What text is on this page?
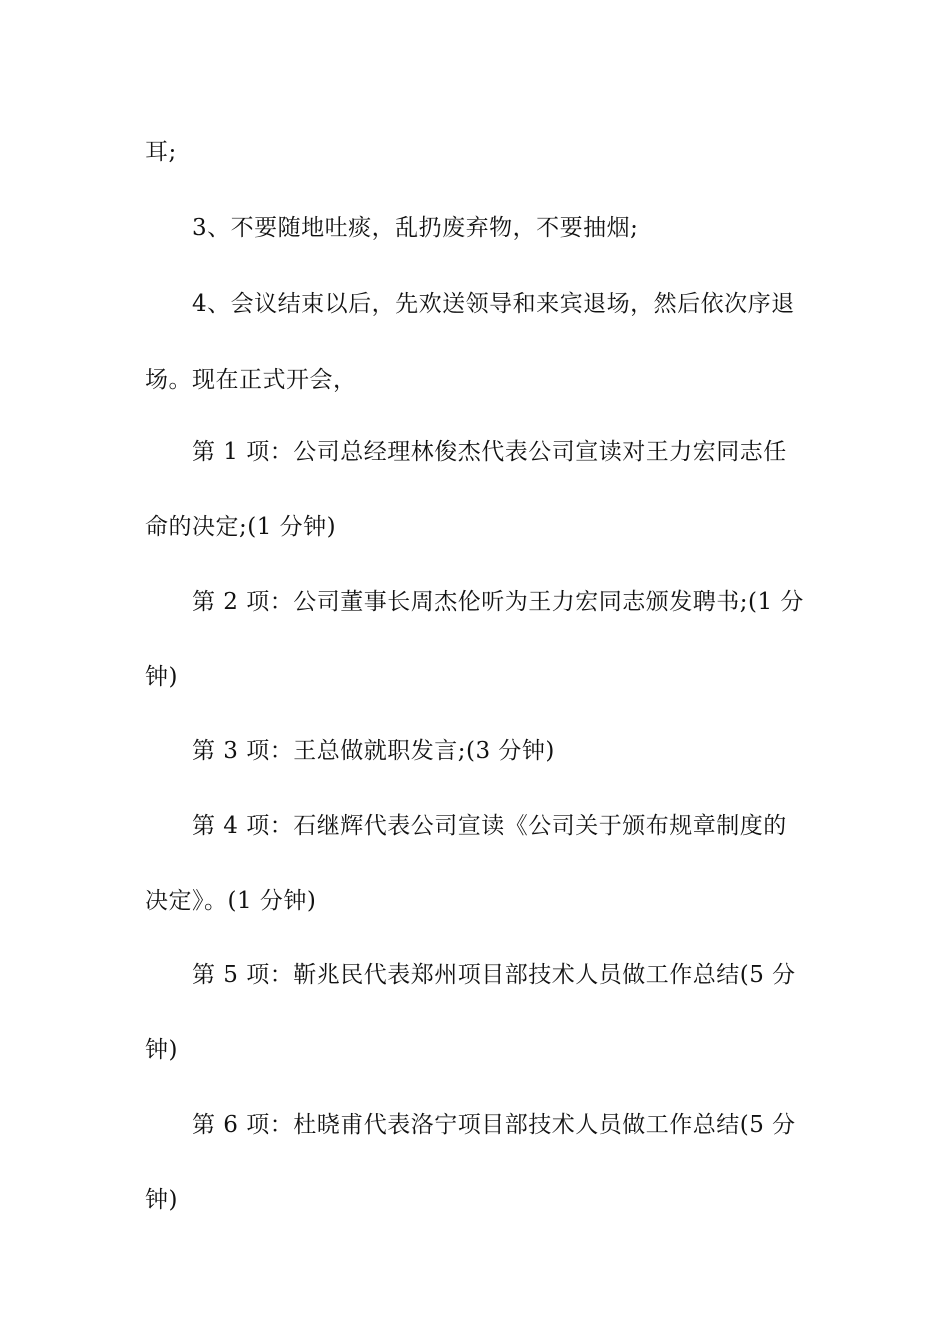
耳;
3、不要随地吐痰，乱扔废弃物，不要抽烟;
4、会议结束以后，先欢送领导和来宾退场，然后依次序退
场。现在正式开会，
第 1 项：公司总经理林俊杰代表公司宣读对王力宏同志任
命的决定;(1 分钟)
第 2 项：公司董事长周杰伦听为王力宏同志颁发聘书;(1 分
钟)
第 3 项：王总做就职发言;(3 分钟)
第 4 项：石继辉代表公司宣读《公司关于颁布规章制度的
决定》。(1 分钟)
第 5 项：靳兆民代表郑州项目部技术人员做工作总结(5 分
钟)
第 6 项：杜晓甫代表洛宁项目部技术人员做工作总结(5 分
钟)
